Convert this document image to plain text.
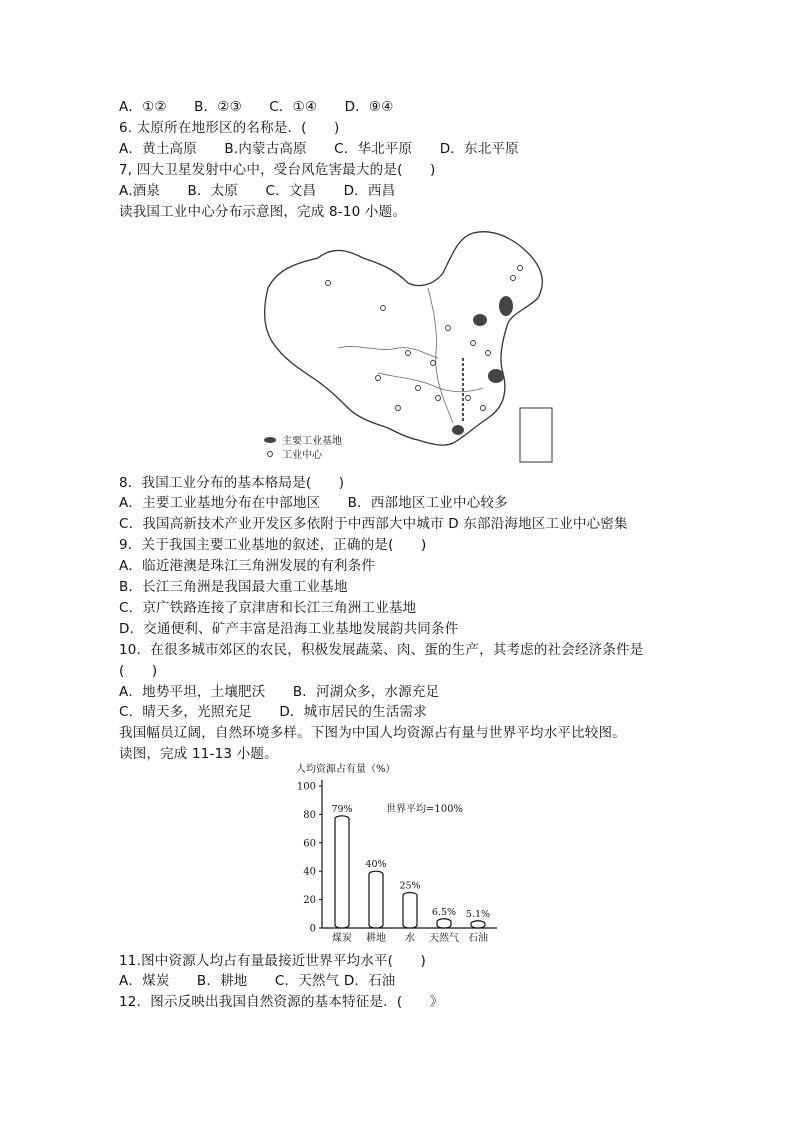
A．①②　　B．②③　　C．①④　　D．⑨④
6. 太原所在地形区的名称是．(　　)
A．黄土高原　　B.内蒙古高原　　C．华北平原　　D．东北平原
7, 四大卫星发射中心中，受台风危害最大的是(　　)
A.酒泉　　B．太原　　C．文昌　　D．西昌
读我国工业中心分布示意图，完成 8-10 小题。
主要工业基地
工业中心
8．我国工业分布的基本格局是(　　)
A．主要工业基地分布在中部地区　　B．西部地区工业中心较多
C．我国高新技术产业开发区多依附于中西部大中城市 D 东部沿海地区工业中心密集
9．关于我国主要工业基地的叙述，正确的是(　　)
A．临近港澳是珠江三角洲发展的有利条件
B．长江三角洲是我国最大重工业基地
C．京广铁路连接了京津唐和长江三角洲工业基地
D．交通便利、矿产丰富是沿海工业基地发展韵共同条件
10．在很多城市郊区的农民，积极发展蔬菜、肉、蛋的生产，其考虑的社会经济条件是
(　　)
A．地势平坦，土壤肥沃　　B．河湖众多，水源充足
C．晴天多，光照充足　　D．城市居民的生活需求
我国幅员辽阔，自然环境多样。下图为中国人均资源占有量与世界平均水平比较图。
读图，完成 11-13 小题。
人均资源占有量（%）
世界平均=100%
0
20
40
60
80
100
79%
煤炭
40%
耕地
25%
水
6.5%
天然气
5.1%
石油
11.图中资源人均占有量最接近世界平均水平(　　)
A．煤炭　　B．耕地　　C．天然气 D．石油
12．图示反映出我国自然资源的基本特征是．(　　》
